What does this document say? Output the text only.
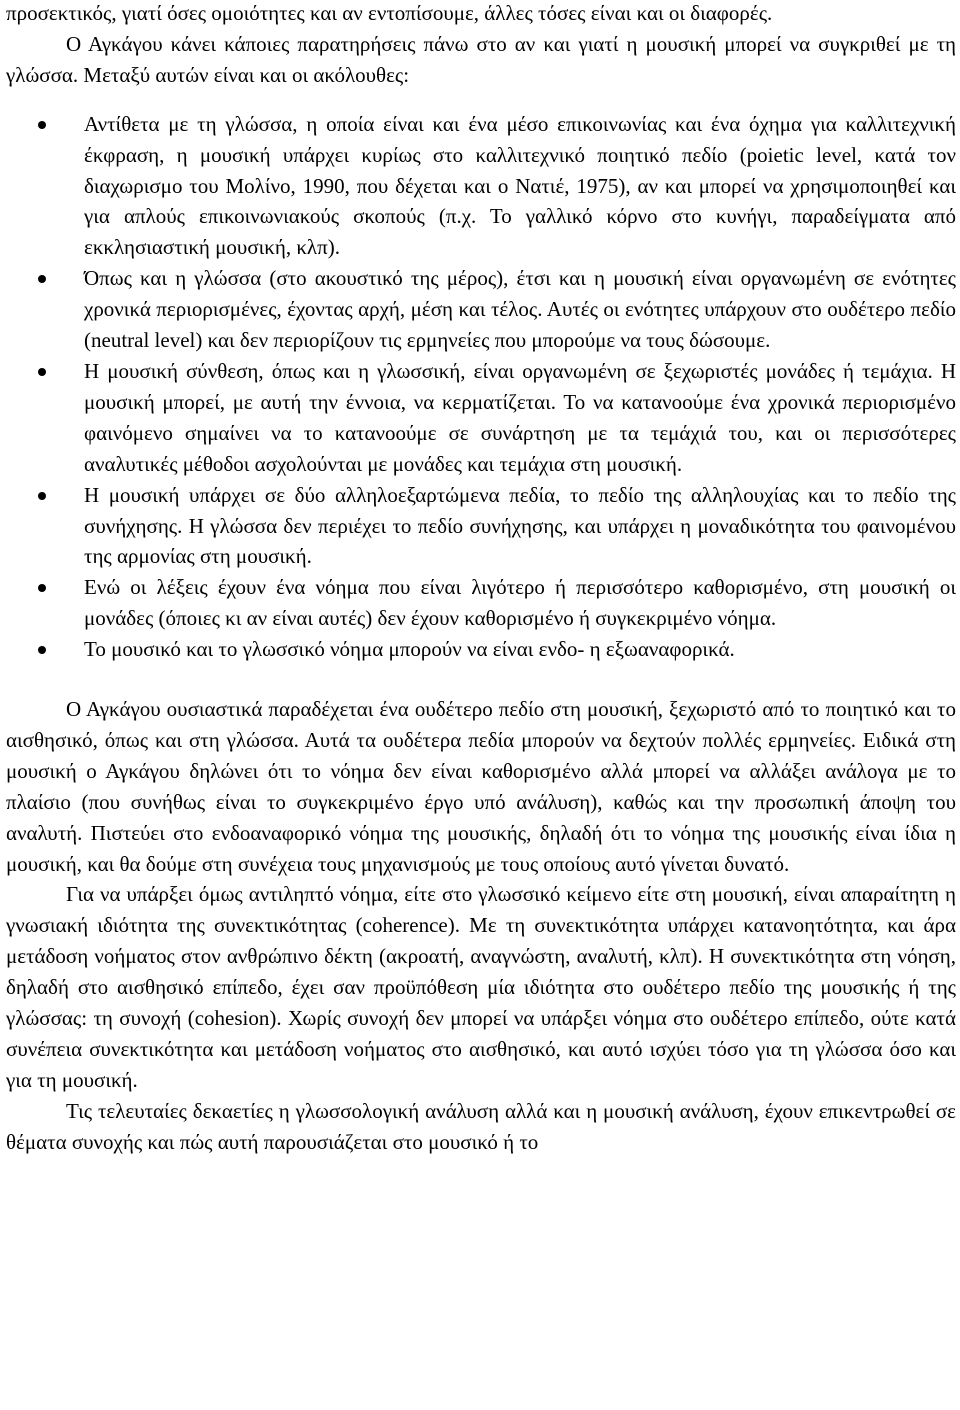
προσεκτικός, γιατί όσες ομοιότητες και αν εντοπίσουμε, άλλες τόσες είναι και οι διαφορές.

Ο Αγκάγου κάνει κάποιες παρατηρήσεις πάνω στο αν και γιατί η μουσική μπορεί να συγκριθεί με τη γλώσσα. Μεταξύ αυτών είναι και οι ακόλουθες:

Αντίθετα με τη γλώσσα, η οποία είναι και ένα μέσο επικοινωνίας και ένα όχημα για καλλιτεχνική έκφραση, η μουσική υπάρχει κυρίως στο καλλιτεχνικό ποιητικό πεδίο (poietic level, κατά τον διαχωρισμο του Μολίνο, 1990, που δέχεται και ο Νατιέ, 1975), αν και μπορεί να χρησιμοποιηθεί και για απλούς επικοινωνιακούς σκοπούς (π.χ. Το γαλλικό κόρνο στο κυνήγι, παραδείγματα από εκκλησιαστική μουσική, κλπ).
Όπως και η γλώσσα (στο ακουστικό της μέρος), έτσι και η μουσική είναι οργανωμένη σε ενότητες χρονικά περιορισμένες, έχοντας αρχή, μέση και τέλος. Αυτές οι ενότητες υπάρχουν στο ουδέτερο πεδίο (neutral level) και δεν περιορίζουν τις ερμηνείες που μπορούμε να τους δώσουμε.
Η μουσική σύνθεση, όπως και η γλωσσική, είναι οργανωμένη σε ξεχωριστές μονάδες ή τεμάχια. Η μουσική μπορεί, με αυτή την έννοια, να κερματίζεται. Το να κατανοούμε ένα χρονικά περιορισμένο φαινόμενο σημαίνει να το κατανοούμε σε συνάρτηση με τα τεμάχιά του, και οι περισσότερες αναλυτικές μέθοδοι ασχολούνται με μονάδες και τεμάχια στη μουσική.
Η μουσική υπάρχει σε δύο αλληλοεξαρτώμενα πεδία, το πεδίο της αλληλουχίας και το πεδίο της συνήχησης. Η γλώσσα δεν περιέχει το πεδίο συνήχησης, και υπάρχει η μοναδικότητα του φαινομένου της αρμονίας στη μουσική.
Ενώ οι λέξεις έχουν ένα νόημα που είναι λιγότερο ή περισσότερο καθορισμένο, στη μουσική οι μονάδες (όποιες κι αν είναι αυτές) δεν έχουν καθορισμένο ή συγκεκριμένο νόημα.
Το μουσικό και το γλωσσικό νόημα μπορούν να είναι ενδο- η εξωαναφορικά.

Ο Αγκάγου ουσιαστικά παραδέχεται ένα ουδέτερο πεδίο στη μουσική, ξεχωριστό από το ποιητικό και το αισθησικό, όπως και στη γλώσσα. Αυτά τα ουδέτερα πεδία μπορούν να δεχτούν πολλές ερμηνείες. Ειδικά στη μουσική ο Αγκάγου δηλώνει ότι το νόημα δεν είναι καθορισμένο αλλά μπορεί να αλλάξει ανάλογα με το πλαίσιο (που συνήθως είναι το συγκεκριμένο έργο υπό ανάλυση), καθώς και την προσωπική άποψη του αναλυτή. Πιστεύει στο ενδοαναφορικό νόημα της μουσικής, δηλαδή ότι το νόημα της μουσικής είναι ίδια η μουσική, και θα δούμε στη συνέχεια τους μηχανισμούς με τους οποίους αυτό γίνεται δυνατό.

Για να υπάρξει όμως αντιληπτό νόημα, είτε στο γλωσσικό κείμενο είτε στη μουσική, είναι απαραίτητη η γνωσιακή ιδιότητα της συνεκτικότητας (coherence). Με τη συνεκτικότητα υπάρχει κατανοητότητα, και άρα μετάδοση νοήματος στον ανθρώπινο δέκτη (ακροατή, αναγνώστη, αναλυτή, κλπ). Η συνεκτικότητα στη νόηση, δηλαδή στο αισθησικό επίπεδο, έχει σαν προϋπόθεση μία ιδιότητα στο ουδέτερο πεδίο της μουσικής ή της γλώσσας: τη συνοχή (cohesion). Χωρίς συνοχή δεν μπορεί να υπάρξει νόημα στο ουδέτερο επίπεδο, ούτε κατά συνέπεια συνεκτικότητα και μετάδοση νοήματος στο αισθησικό, και αυτό ισχύει τόσο για τη γλώσσα όσο και για τη μουσική.

Τις τελευταίες δεκαετίες η γλωσσολογική ανάλυση αλλά και η μουσική ανάλυση, έχουν επικεντρωθεί σε θέματα συνοχής και πώς αυτή παρουσιάζεται στο μουσικό ή το
